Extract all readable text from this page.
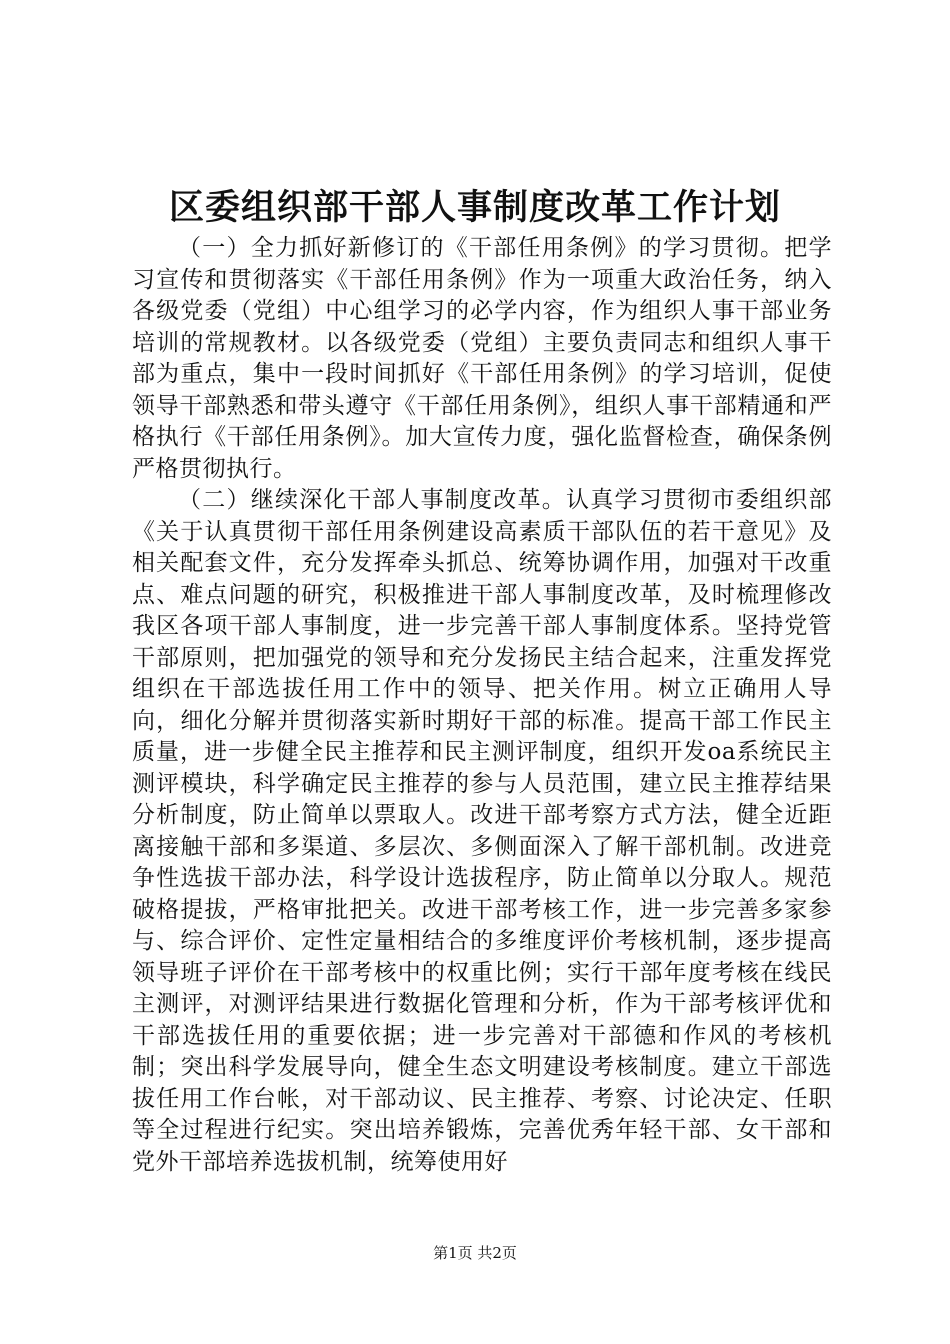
区委组织部干部人事制度改革工作计划

（一）全力抓好新修订的《干部任用条例》的学习贯彻。把学习宣传和贯彻落实《干部任用条例》作为一项重大政治任务，纳入各级党委（党组）中心组学习的必学内容，作为组织人事干部业务培训的常规教材。以各级党委（党组）主要负责同志和组织人事干部为重点，集中一段时间抓好《干部任用条例》的学习培训，促使领导干部熟悉和带头遵守《干部任用条例》，组织人事干部精通和严格执行《干部任用条例》。加大宣传力度，强化监督检查，确保条例严格贯彻执行。

（二）继续深化干部人事制度改革。认真学习贯彻市委组织部《关于认真贯彻干部任用条例建设高素质干部队伍的若干意见》及相关配套文件，充分发挥牵头抓总、统筹协调作用，加强对干改重点、难点问题的研究，积极推进干部人事制度改革，及时梳理修改我区各项干部人事制度，进一步完善干部人事制度体系。坚持党管干部原则，把加强党的领导和充分发扬民主结合起来，注重发挥党组织在干部选拔任用工作中的领导、把关作用。树立正确用人导向，细化分解并贯彻落实新时期好干部的标准。提高干部工作民主质量，进一步健全民主推荐和民主测评制度，组织开发oa系统民主测评模块，科学确定民主推荐的参与人员范围，建立民主推荐结果分析制度，防止简单以票取人。改进干部考察方式方法，健全近距离接触干部和多渠道、多层次、多侧面深入了解干部机制。改进竞争性选拔干部办法，科学设计选拔程序，防止简单以分取人。规范破格提拔，严格审批把关。改进干部考核工作，进一步完善多家参与、综合评价、定性定量相结合的多维度评价考核机制，逐步提高领导班子评价在干部考核中的权重比例；实行干部年度考核在线民主测评，对测评结果进行数据化管理和分析，作为干部考核评优和干部选拔任用的重要依据；进一步完善对干部德和作风的考核机制；突出科学发展导向，健全生态文明建设考核制度。建立干部选拔任用工作台帐，对干部动议、民主推荐、考察、讨论决定、任职等全过程进行纪实。突出培养锻炼，完善优秀年轻干部、女干部和党外干部培养选拔机制，统筹使用好

第1页 共2页
